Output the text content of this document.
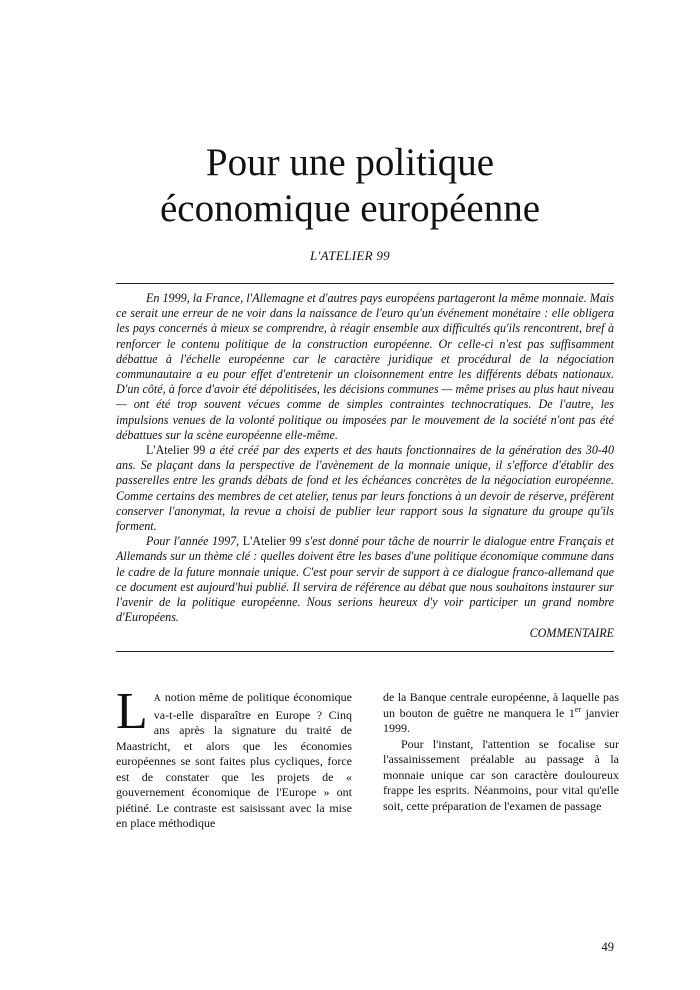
Pour une politique
économique européenne
L'ATELIER 99

En 1999, la France, l'Allemagne et d'autres pays européens partageront la même monnaie. Mais ce serait une erreur de ne voir dans la naissance de l'euro qu'un événement monétaire : elle obligera les pays concernés à mieux se comprendre, à réagir ensemble aux difficultés qu'ils rencontrent, bref à renforcer le contenu politique de la construction européenne. Or celle-ci n'est pas suffisamment débattue à l'échelle européenne car le caractère juridique et procédural de la négociation communautaire a eu pour effet d'entretenir un cloisonnement entre les différents débats nationaux. D'un côté, à force d'avoir été dépolitisées, les décisions communes — même prises au plus haut niveau — ont été trop souvent vécues comme de simples contraintes technocratiques. De l'autre, les impulsions venues de la volonté politique ou imposées par le mouvement de la société n'ont pas été débattues sur la scène européenne elle-même.

L'Atelier 99 a été créé par des experts et des hauts fonctionnaires de la génération des 30-40 ans. Se plaçant dans la perspective de l'avènement de la monnaie unique, il s'efforce d'établir des passerelles entre les grands débats de fond et les échéances concrètes de la négociation européenne. Comme certains des membres de cet atelier, tenus par leurs fonctions à un devoir de réserve, préfèrent conserver l'anonymat, la revue a choisi de publier leur rapport sous la signature du groupe qu'ils forment.

Pour l'année 1997, L'Atelier 99 s'est donné pour tâche de nourrir le dialogue entre Français et Allemands sur un thème clé : quelles doivent être les bases d'une politique économique commune dans le cadre de la future monnaie unique. C'est pour servir de support à ce dialogue franco-allemand que ce document est aujourd'hui publié. Il servira de référence au débat que nous souhaitons instaurer sur l'avenir de la politique européenne. Nous serions heureux d'y voir participer un grand nombre d'Européens.

COMMENTAIRE

L A notion même de politique économique va-t-elle disparaître en Europe ? Cinq ans après la signature du traité de Maastricht, et alors que les économies européennes se sont faites plus cycliques, force est de constater que les projets de « gouvernement économique de l'Europe » ont piétiné. Le contraste est saisissant avec la mise en place méthodique

de la Banque centrale européenne, à laquelle pas un bouton de guêtre ne manquera le 1er janvier 1999.

Pour l'instant, l'attention se focalise sur l'assainissement préalable au passage à la monnaie unique car son caractère douloureux frappe les esprits. Néanmoins, pour vital qu'elle soit, cette préparation de l'examen de passage

49
